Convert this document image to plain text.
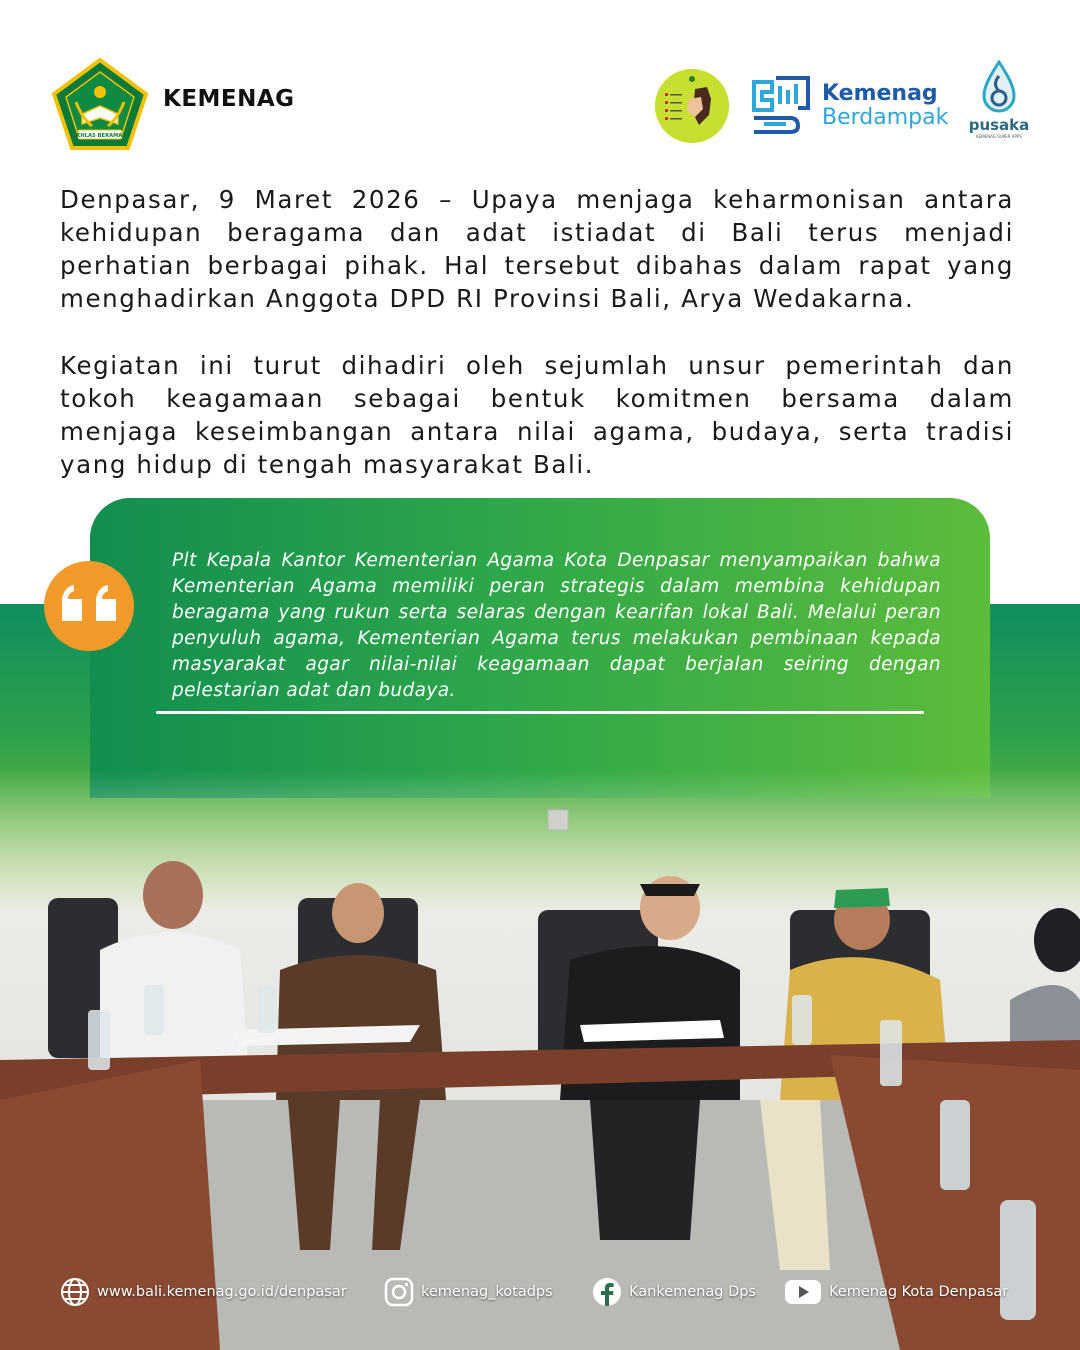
IKHLAS BERAMAL
KEMENAG	Kemenag
Berdampak	pusaka
KEMENAG SUPER APPS

Denpasar, 9 Maret 2026 – Upaya menjaga keharmonisan antara kehidupan beragama dan adat istiadat di Bali terus menjadi perhatian berbagai pihak. Hal tersebut dibahas dalam rapat yang menghadirkan Anggota DPD RI Provinsi Bali, Arya Wedakarna.

Kegiatan ini turut dihadiri oleh sejumlah unsur pemerintah dan tokoh keagamaan sebagai bentuk komitmen bersama dalam menjaga keseimbangan antara nilai agama, budaya, serta tradisi yang hidup di tengah masyarakat Bali.

Plt Kepala Kantor Kementerian Agama Kota Denpasar menyampaikan bahwa Kementerian Agama memiliki peran strategis dalam membina kehidupan beragama yang rukun serta selaras dengan kearifan lokal Bali. Melalui peran penyuluh agama, Kementerian Agama terus melakukan pembinaan kepada masyarakat agar nilai-nilai keagamaan dapat berjalan seiring dengan pelestarian adat dan budaya.

www.bali.kemenag.go.id/denpasar	kemenag_kotadps	Kankemenag Dps	Kemenag Kota Denpasar
